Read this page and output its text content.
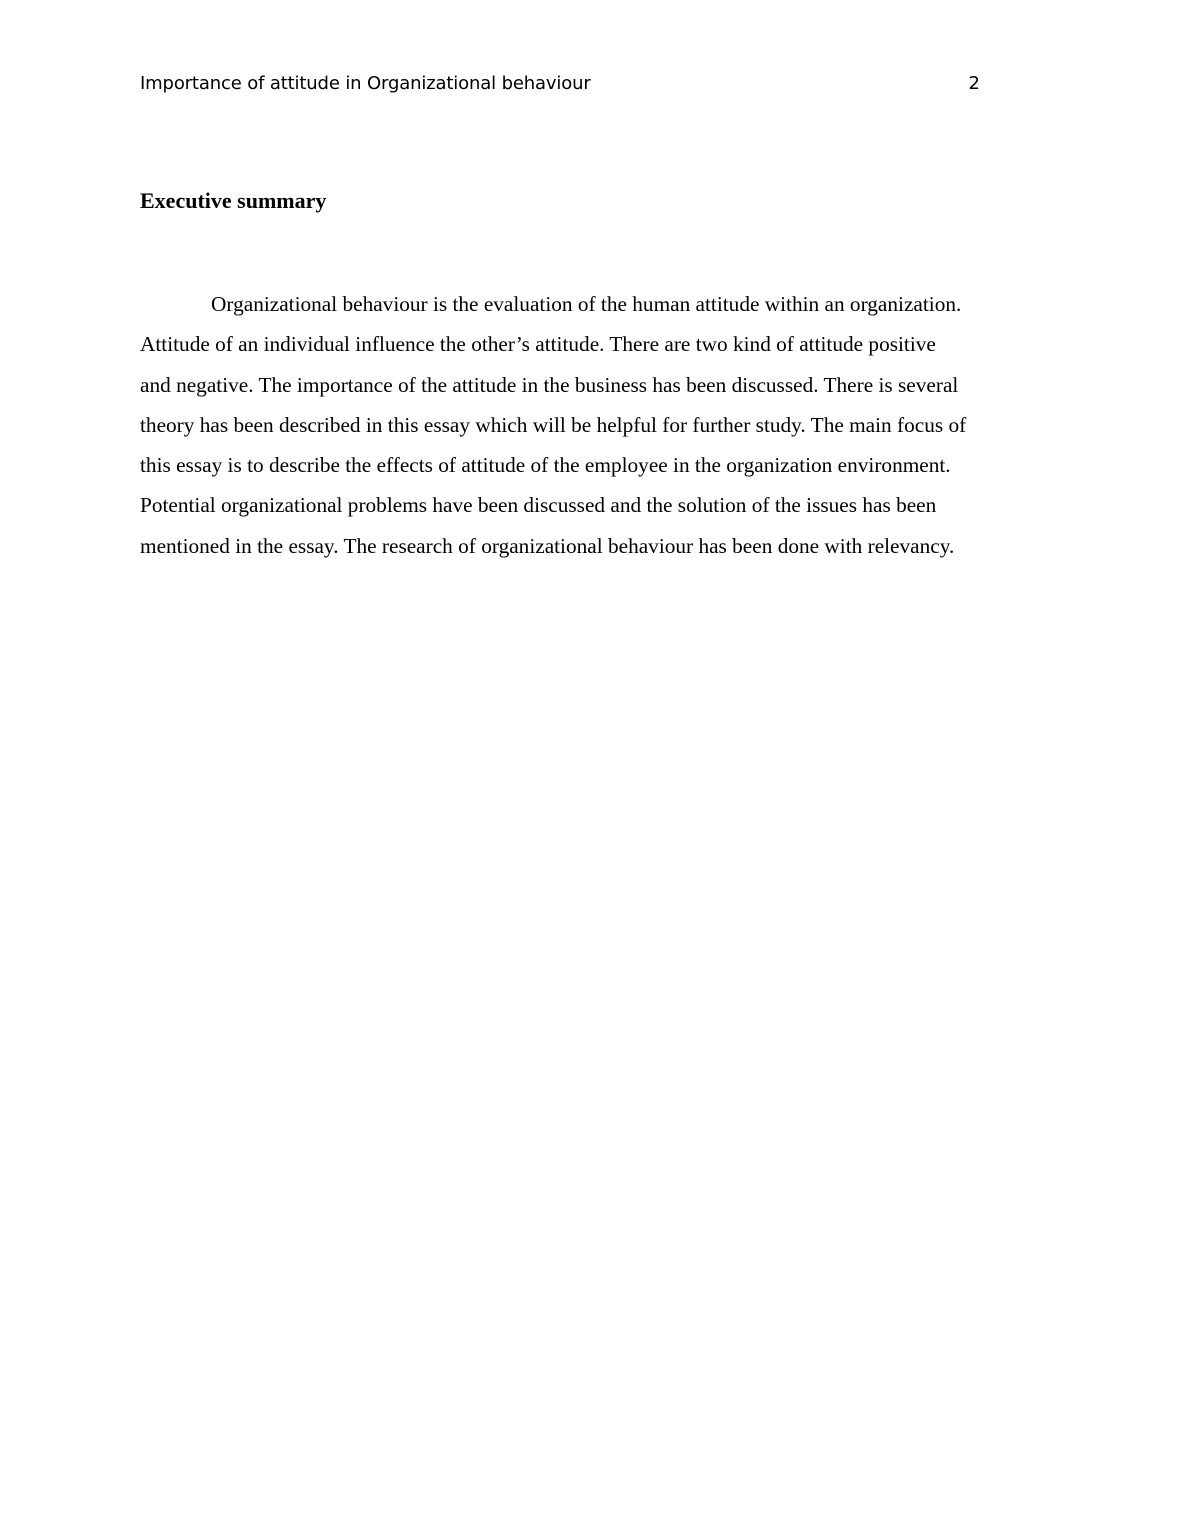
Importance of attitude in Organizational behaviour	2
Executive summary

Organizational behaviour is the evaluation of the human attitude within an organization.
Attitude of an individual influence the other’s attitude. There are two kind of attitude positive
and negative. The importance of the attitude in the business has been discussed. There is several
theory has been described in this essay which will be helpful for further study. The main focus of
this essay is to describe the effects of attitude of the employee in the organization environment.
Potential organizational problems have been discussed and the solution of the issues has been
mentioned in the essay. The research of organizational behaviour has been done with relevancy.
